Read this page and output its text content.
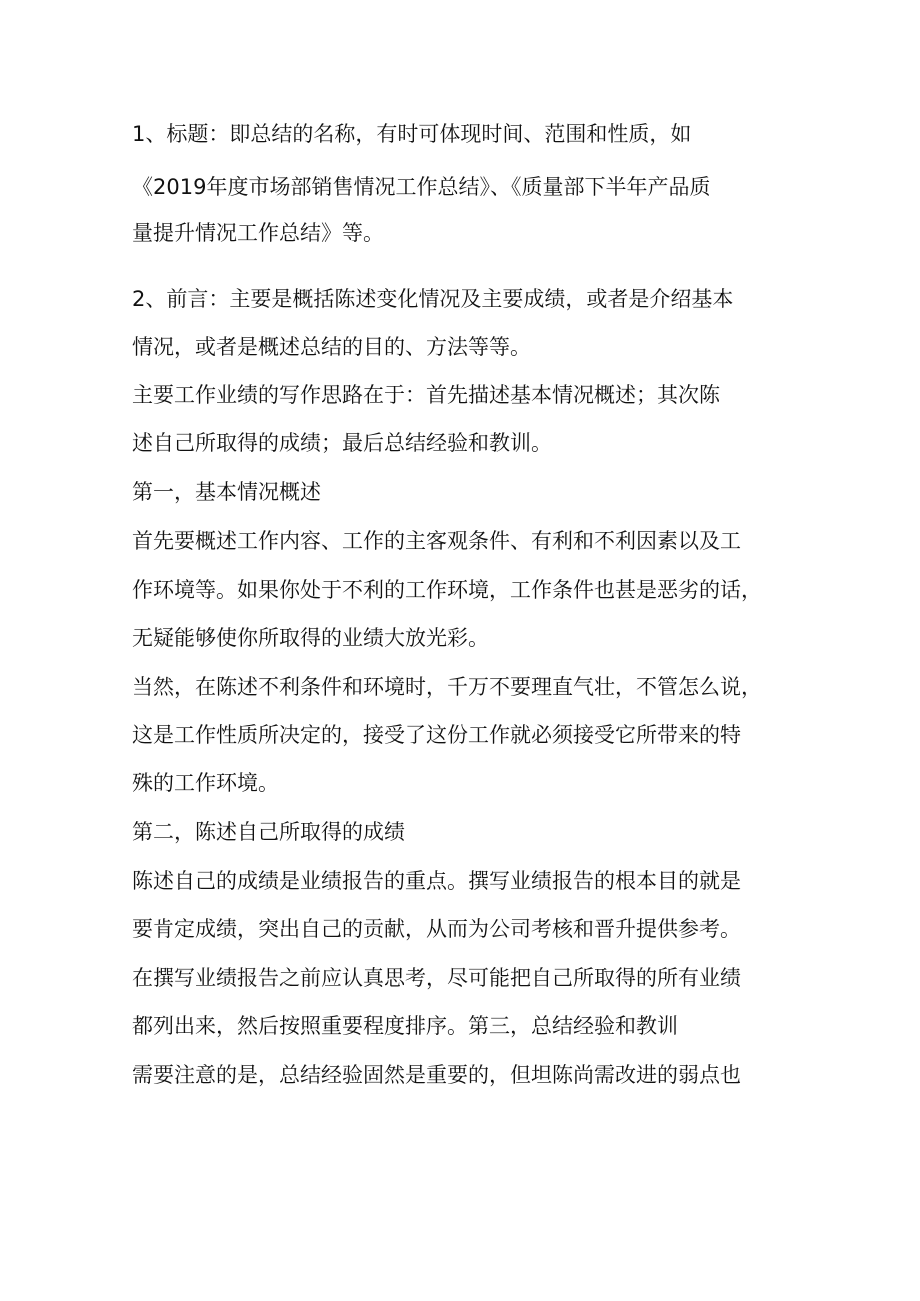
1、标题：即总结的名称，有时可体现时间、范围和性质，如

《2019年度市场部销售情况工作总结》、《质量部下半年产品质

量提升情况工作总结》等。

2、前言：主要是概括陈述变化情况及主要成绩，或者是介绍基本

情况，或者是概述总结的目的、方法等等。

主要工作业绩的写作思路在于：首先描述基本情况概述；其次陈

述自己所取得的成绩；最后总结经验和教训。

第一，基本情况概述

首先要概述工作内容、工作的主客观条件、有利和不利因素以及工

作环境等。如果你处于不利的工作环境，工作条件也甚是恶劣的话，

无疑能够使你所取得的业绩大放光彩。

当然，在陈述不利条件和环境时，千万不要理直气壮，不管怎么说，

这是工作性质所决定的，接受了这份工作就必须接受它所带来的特

殊的工作环境。

第二，陈述自己所取得的成绩

陈述自己的成绩是业绩报告的重点。撰写业绩报告的根本目的就是

要肯定成绩，突出自己的贡献，从而为公司考核和晋升提供参考。

在撰写业绩报告之前应认真思考，尽可能把自己所取得的所有业绩

都列出来，然后按照重要程度排序。第三，总结经验和教训

需要注意的是，总结经验固然是重要的，但坦陈尚需改进的弱点也
